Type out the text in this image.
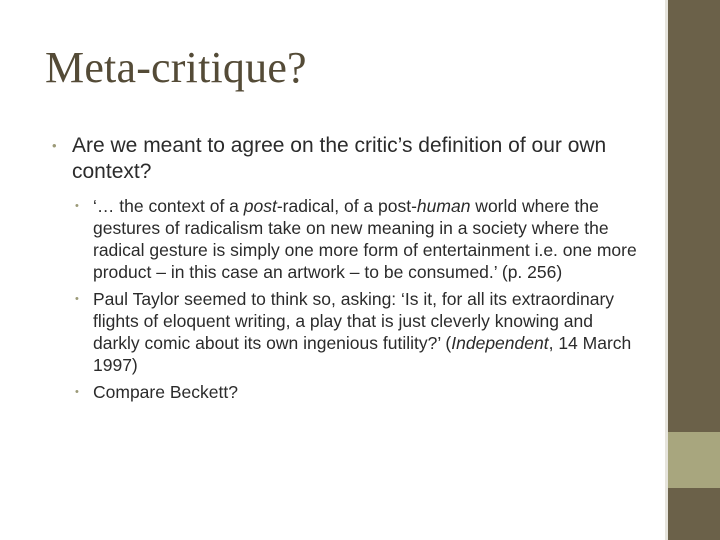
Meta-critique?
• Are we meant to agree on the critic’s definition of our own context?
• ‘… the context of a post-radical, of a post-human world where the gestures of radicalism take on new meaning in a society where the radical gesture is simply one more form of entertainment i.e. one more product – in this case an artwork – to be consumed.’ (p. 256)
• Paul Taylor seemed to think so, asking: ‘Is it, for all its extraordinary flights of eloquent writing, a play that is just cleverly knowing and darkly comic about its own ingenious futility?’ (Independent, 14 March 1997)
• Compare Beckett?
